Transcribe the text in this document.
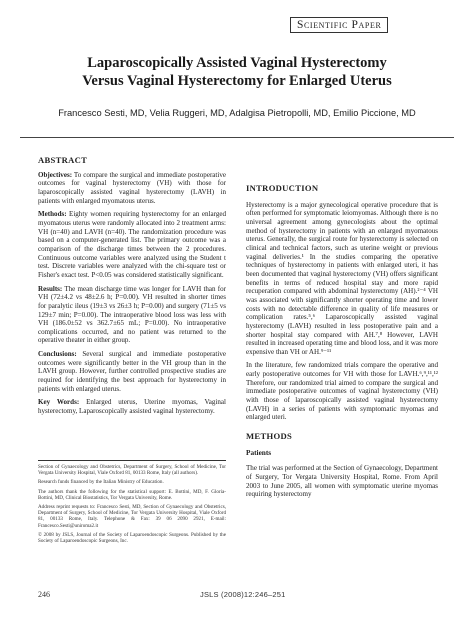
Scientific Paper
Laparoscopically Assisted Vaginal Hysterectomy
Versus Vaginal Hysterectomy for Enlarged Uterus
Francesco Sesti, MD, Velia Ruggeri, MD, Adalgisa Pietropolli, MD, Emilio Piccione, MD
ABSTRACT

Objectives: To compare the surgical and immediate postoperative outcomes for vaginal hysterectomy (VH) with those for laparoscopically assisted vaginal hysterectomy (LAVH) in patients with enlarged myomatous uterus.

Methods: Eighty women requiring hysterectomy for an enlarged myomatous uterus were randomly allocated into 2 treatment arms: VH (n=40) and LAVH (n=40). The randomization procedure was based on a computer-generated list. The primary outcome was a comparison of the discharge times between the 2 procedures. Continuous outcome variables were analyzed using the Student t test. Discrete variables were analyzed with the chi-square test or Fisher's exact test. P<0.05 was considered statistically significant.

Results: The mean discharge time was longer for LAVH than for VH (72±4.2 vs 48±2.6 h; P=0.00). VH resulted in shorter times for paralytic ileus (19±3 vs 26±3 h; P=0.00) and surgery (71±5 vs 129±7 min; P=0.00). The intraoperative blood loss was less with VH (186.0±52 vs 362.7±65 mL; P=0.00). No intraoperative complications occurred, and no patient was returned to the operative theater in either group.

Conclusions: Several surgical and immediate postoperative outcomes were significantly better in the VH group than in the LAVH group. However, further controlled prospective studies are required for identifying the best approach for hysterectomy in patients with enlarged uterus.

Key Words: Enlarged uterus, Uterine myomas, Vaginal hysterectomy, Laparoscopically assisted vaginal hysterectomy.

Section of Gynaecology and Obstetrics, Department of Surgery, School of Medicine, Tor Vergata University Hospital, Viale Oxford 81, 00133 Rome, Italy (all authors).

Research funds financed by the Italian Ministry of Education.

The authors thank the following for the statistical support: E. Bottini, MD, F. Gloria-Bottini, MD, Clinical Biostatistics, Tor Vergata University, Rome.

Address reprint requests to: Francesco Sesti, MD, Section of Gynaecology and Obstetrics, Department of Surgery, School of Medicine, Tor Vergata University Hospital, Viale Oxford 81, 00133 Rome, Italy. Telephone & Fax: 39 06 2090 2921, E-mail: Francesco.Sesti@uniroma2.it

© 2008 by JSLS, Journal of the Society of Laparoendoscopic Surgeons. Published by the Society of Laparoendoscopic Surgeons, Inc.

INTRODUCTION

Hysterectomy is a major gynecological operative procedure that is often performed for symptomatic leiomyomas. Although there is no universal agreement among gynecologists about the optimal method of hysterectomy in patients with an enlarged myomatous uterus. Generally, the surgical route for hysterectomy is selected on clinical and technical factors, such as uterine weight or previous vaginal deliveries.¹ In the studies comparing the operative techniques of hysterectomy in patients with enlarged uteri, it has been documented that vaginal hysterectomy (VH) offers significant benefits in terms of reduced hospital stay and more rapid recuperation compared with abdominal hysterectomy (AH).²⁻⁴ VH was associated with significantly shorter operating time and lower costs with no detectable difference in quality of life measures or complication rates.⁵,⁶ Laparoscopically assisted vaginal hysterectomy (LAVH) resulted in less postoperative pain and a shorter hospital stay compared with AH.⁷,⁸ However, LAVH resulted in increased operating time and blood loss, and it was more expensive than VH or AH.⁹⁻¹¹

In the literature, few randomized trials compare the operative and early postoperative outcomes for VH with those for LAVH.⁶,⁹,¹¹,¹² Therefore, our randomized trial aimed to compare the surgical and immediate postoperative outcomes of vaginal hysterectomy (VH) with those of laparoscopically assisted vaginal hysterectomy (LAVH) in a series of patients with symptomatic myomas and enlarged uteri.

METHODS
Patients

The trial was performed at the Section of Gynaecology, Department of Surgery, Tor Vergata University Hospital, Rome. From April 2003 to June 2005, all women with symptomatic uterine myomas requiring hysterectomy

246	JSLS (2008)12:246–251
